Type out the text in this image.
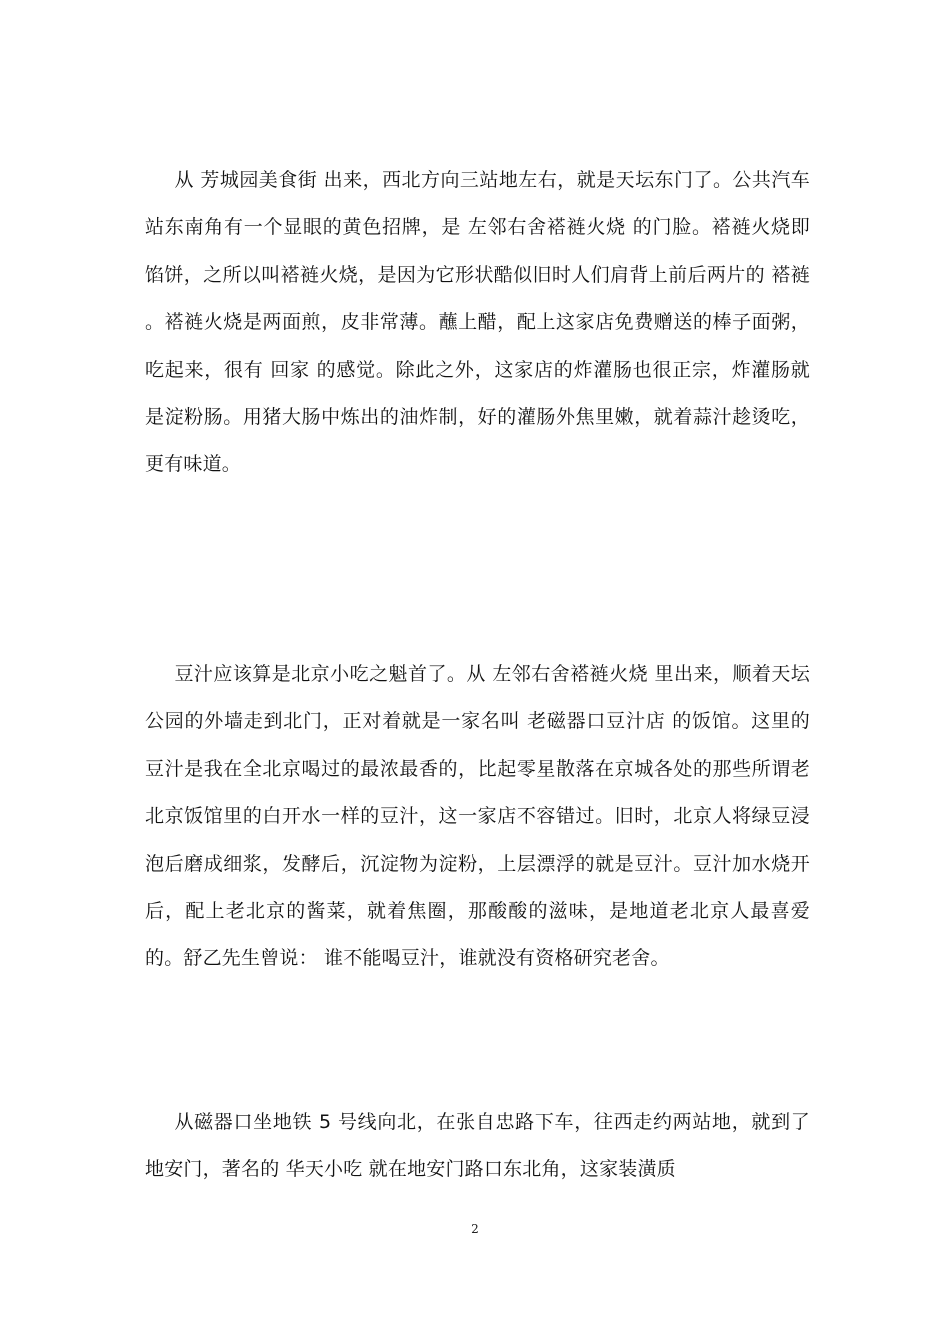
从 芳城园美食街 出来，西北方向三站地左右，就是天坛东门了。公共汽车站东南角有一个显眼的黄色招牌，是 左邻右舍褡裢火烧 的门脸。褡裢火烧即馅饼，之所以叫褡裢火烧，是因为它形状酷似旧时人们肩背上前后两片的 褡裢 。褡裢火烧是两面煎，皮非常薄。蘸上醋，配上这家店免费赠送的棒子面粥，吃起来，很有 回家 的感觉。除此之外，这家店的炸灌肠也很正宗，炸灌肠就是淀粉肠。用猪大肠中炼出的油炸制，好的灌肠外焦里嫩，就着蒜汁趁烫吃，更有味道。

豆汁应该算是北京小吃之魁首了。从 左邻右舍褡裢火烧 里出来，顺着天坛公园的外墙走到北门，正对着就是一家名叫 老磁器口豆汁店 的饭馆。这里的豆汁是我在全北京喝过的最浓最香的，比起零星散落在京城各处的那些所谓老北京饭馆里的白开水一样的豆汁，这一家店不容错过。旧时，北京人将绿豆浸泡后磨成细浆，发酵后，沉淀物为淀粉，上层漂浮的就是豆汁。豆汁加水烧开后，配上老北京的酱菜，就着焦圈，那酸酸的滋味，是地道老北京人最喜爱的。舒乙先生曾说： 谁不能喝豆汁，谁就没有资格研究老舍。

从磁器口坐地铁 5 号线向北，在张自忠路下车，往西走约两站地，就到了地安门，著名的 华天小吃 就在地安门路口东北角，这家装潢质

2
